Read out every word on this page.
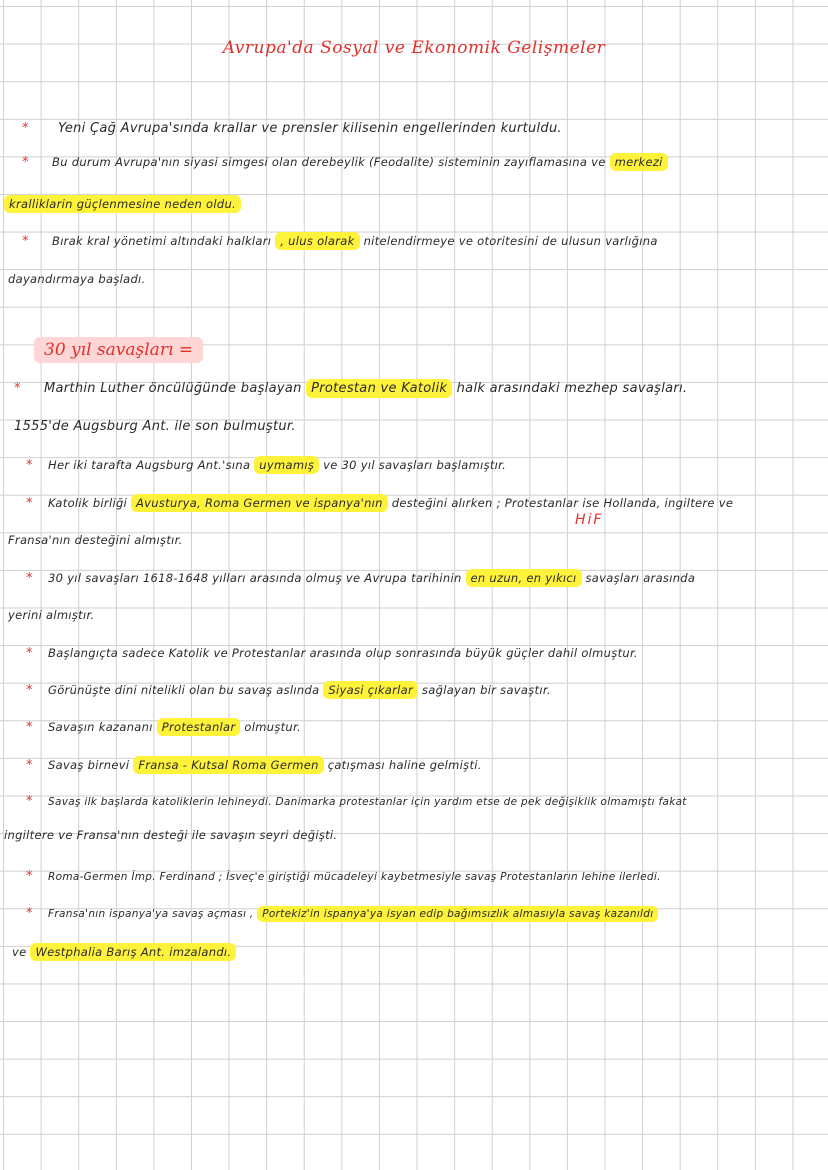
Avrupa'da Sosyal ve Ekonomik Gelişmeler
* Yeni Çağ Avrupa'sında krallar ve prensler kilisenin engellerinden kurtuldu.
* Bu durum Avrupa'nın siyasi simgesi olan derebeylik (Feodalite) sisteminin zayıflamasına ve merkezi
kralliklarin güçlenmesine neden oldu.
* Bırak kral yönetimi altındaki halkları , ulus olarak nitelendirmeye ve otoritesini de ulusun varlığına
dayandırmaya başladı.
30 yıl savaşları =
* Marthin Luther öncülüğünde başlayan Protestan ve Katolik halk arasındaki mezhep savaşları.
1555'de Augsburg Ant. ile son bulmuştur.
* Her iki tarafta Augsburg Ant.'sına uymamış ve 30 yıl savaşları başlamıştır.
* Katolik birliği Avusturya, Roma Germen ve ispanya'nın desteğini alırken ; Protestanlar ise Hollanda, ingiltere ve
HiF
Fransa'nın desteğini almıştır.
* 30 yıl savaşları 1618-1648 yılları arasında olmuş ve Avrupa tarihinin en uzun, en yıkıcı savaşları arasında
yerini almıştır.
* Başlangıçta sadece Katolik ve Protestanlar arasında olup sonrasında büyük güçler dahil olmuştur.
* Görünüşte dini nitelikli olan bu savaş aslında Siyasi çıkarlar sağlayan bir savaştır.
* Savaşın kazananı Protestanlar olmuştur.
* Savaş birnevi Fransa - Kutsal Roma Germen çatışması haline gelmişti.
* Savaş ilk başlarda katoliklerin lehineydi. Danimarka protestanlar için yardım etse de pek değişiklik olmamıştı fakat
ingiltere ve Fransa'nın desteği ile savaşın seyri değişti.
* Roma-Germen İmp. Ferdinand ; İsveç'e giriştiği mücadeleyi kaybetmesiyle savaş Protestanların lehine ilerledi.
* Fransa'nın ispanya'ya savaş açması , Portekiz'in ispanya'ya isyan edip bağımsızlık almasıyla savaş kazanıldı
ve Westphalia Barış Ant. imzalandı.
